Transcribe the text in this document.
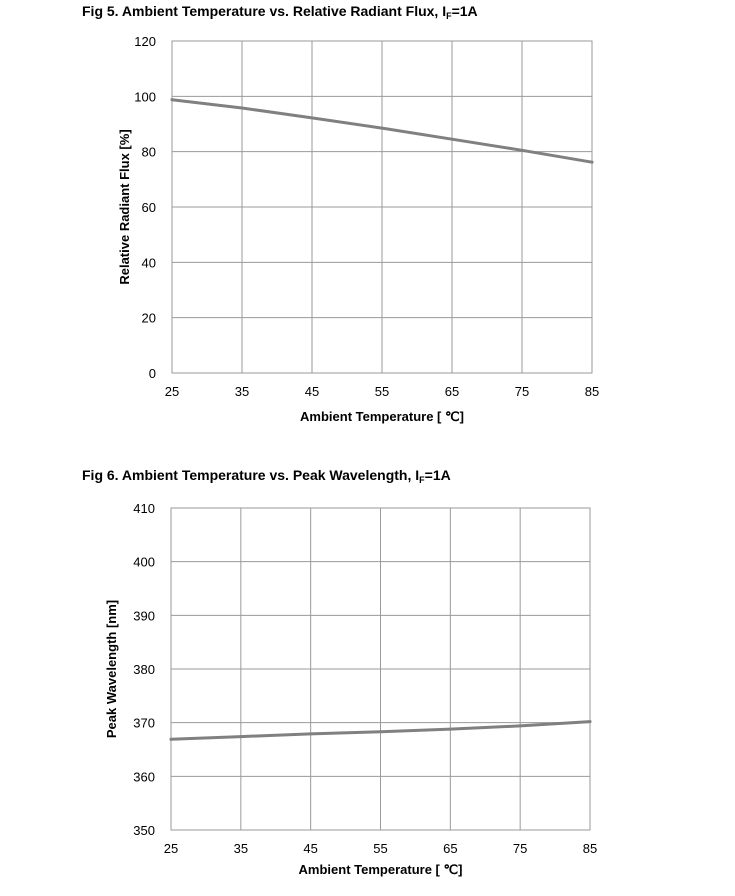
Fig 5. Ambient Temperature vs. Relative Radiant Flux, $I_F=1A$
25	35	45	55	65	75	85
0
20
40
60
80
100
120
Ambient Temperature [ ℃]
Relative Radiant Flux [%]
Fig 6. Ambient Temperature vs. Peak Wavelength, $I_F=1A$
25	35	45	55	65	75	85
350
360
370
380
390
400
410
Ambient Temperature [ ℃]
Peak Wavelength [nm]
